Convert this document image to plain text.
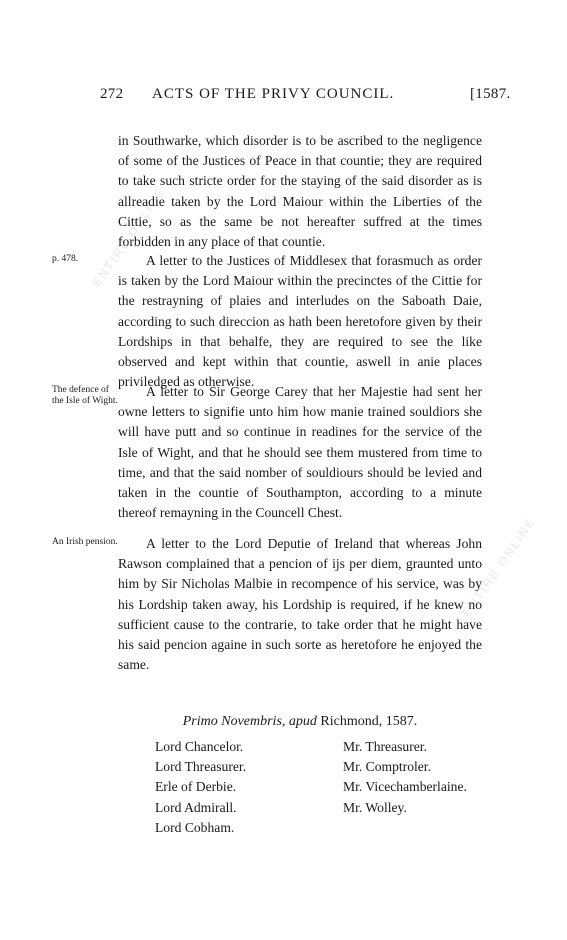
ENTIRE ONLINE
ENTIRE ONLINE
272 ACTS OF THE PRIVY COUNCIL.	[1587.

in Southwarke, which disorder is to be ascribed to the negligence of some of the Justices of Peace in that countie; they are required to take such stricte order for the staying of the said disorder as is allreadie taken by the Lord Maiour within the Liberties of the Cittie, so as the same be not hereafter suffred at the times forbidden in any place of that countie.

p. 478.	A letter to the Justices of Middlesex that forasmuch as order is taken by the Lord Maiour within the precinctes of the Cittie for the restrayning of plaies and interludes on the Saboath Daie, according to such direccion as hath been heretofore given by their Lordships in that behalfe, they are required to see the like observed and kept within that countie, aswell in anie places priviledged as otherwise.

The defence of the Isle of Wight.

A letter to Sir George Carey that her Majestie had sent her owne letters to signifie unto him how manie trained souldiors she will have putt and so continue in readines for the service of the Isle of Wight, and that he should see them mustered from time to time, and that the said nomber of souldiours should be levied and taken in the countie of Southampton, according to a minute thereof remayning in the Councell Chest.

An Irish pension.	A letter to the Lord Deputie of Ireland that whereas John Rawson complained that a pencion of ijs per diem, graunted unto him by Sir Nicholas Malbie in recompence of his service, was by his Lordship taken away, his Lordship is required, if he knew no sufficient cause to the contrarie, to take order that he might have his said pencion againe in such sorte as heretofore he enjoyed the same.

Primo Novembris, apud Richmond, 1587.
Lord Chancelor.
Lord Threasurer.
Erle of Derbie.
Lord Admirall.
Lord Cobham.
Mr. Threasurer.
Mr. Comptroler.
Mr. Vicechamberlaine.
Mr. Wolley.
